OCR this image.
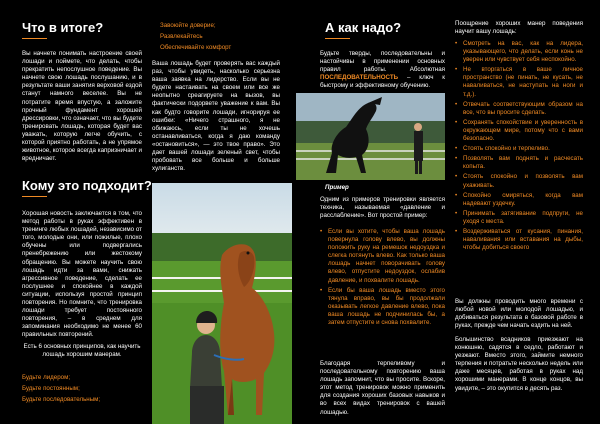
Что в итоге?

Вы начнете понимать настроение своей лошади и поймете, что делать, чтобы прекратить непослушное поведение. Вы начнете свою лошадь послушанию, и в результате ваши занятия верховой ездой станут намного веселее. Вы не потратите время впустую, а заложите прочный фундамент хорошей дрессировки, что означает, что вы будете тренировать лошадь, которая будет вас уважать, которую легче обучить, с которой приятно работать, а не упрямое животное, которое всегда капризничает и вредничает.

Кому это подходит?

Хорошая новость заключается в том, что метод работы в руках эффективен в тренинге любых лошадей, независимо от того, молодые они, или пожилые, плохо обучены или подвергались пренебрежению или жестокому обращению. Вы можете научить свою лошадь идти за вами, снижать агрессивное поведение, сделать ее послушнее и спокойнее в каждой ситуации, используя простой принцип повторения. Но помните, что тренировка лошади требует постоянного повторения, – в среднем для запоминания необходимо не менее 60 правильных повторений.

Есть 6 основных принципов, как научить лошадь хорошим манерам.

Будьте лидером;
Будьте постоянным;
Будьте последовательным;
Завоюйте доверие;
Развлекайтесь
Обеспечивайте комфорт

Ваша лошадь будет проверять вас каждый раз, чтобы увидеть, насколько серьезна ваша заявка на лидерство. Если вы не будете настаивать на своем или все же неопытно среагируете на вызов, вы фактически подорвете уважение к вам. Вы как будто говорите лошади, игнорируя ее ошибки: «Ничего страшного, я не обижаюсь, если ты не хочешь останавливаться, когда я даю команду «остановиться», — это твое право». Это дает вашей лошади зеленый свет, чтобы пробовать все больше и больше хулиганств.

А как надо?

Будьте тверды, последовательны и настойчивы в применении основных правил работы. Абсолютная ПОСЛЕДОВАТЕЛЬНОСТЬ – ключ к быстрому и эффективному обучению.

Пример

Одним из примеров тренировки является техника, называемая «давление и расслабление». Вот простой пример:

• Если вы хотите, чтобы ваша лошадь повернула голову влево, вы должны положить руку на ремешок недоуздка и слегка потянуть влево. Как только ваша лошадь начнет поворачивать голову влево, отпустите недоуздок, ослабив давление, и похвалите лошадь.
• Если бы ваша лошадь вместо этого тянула вправо, вы бы продолжали оказывать легкое давление влево, пока ваша лошадь не подчинилась бы, а затем отпустите и снова похвалите.

Благодаря терпеливому и последовательному повторению ваша лошадь запомнит, что вы просите. Вскоре, этот метод тренировок можно применить для создания хороших базовых навыков и во всех видах тренировок с вашей лошадью.

Поощрение хороших манер поведения научит вашу лошадь:

• Смотреть на вас, как на лидера, указывающего, что делать, если конь не уверен или чувствует себя неспокойно.
• Не вторгаться в ваше личное пространство (не пинать, не кусать, не наваливаться, не наступать на ноги и т.д.).
• Отвечать соответствующим образом на все, что вы просите сделать.
• Сохранять спокойствие и уверенность в окружающем мире, потому что с вами безопасно.
• Стоять спокойно и терпеливо.
• Позволять вам поднять и расчесать копыта.
• Стоять спокойно и позволять вам ухаживать.
• Спокойно смиряться, когда вам надевают уздечку.
• Принимать затягивание подпруги, не уходя с места.
• Воздерживаться от кусания, пинания, наваливания или вставания на дыбы, чтобы добиться своего

Вы должны проводить много времени с любой новой или молодой лошадью, и добиваться результата в базовой работе в руках, прежде чем начать ездить на ней.

Большинство всадников приезжают на конюшню, садятся в седло, работают и уезжают. Вместо этого, займите немного терпения и потратьте несколько недель или даже месяцев, работая в руках над хорошими манерами. В конце концов, вы увидите, – это окупится в десять раз.
